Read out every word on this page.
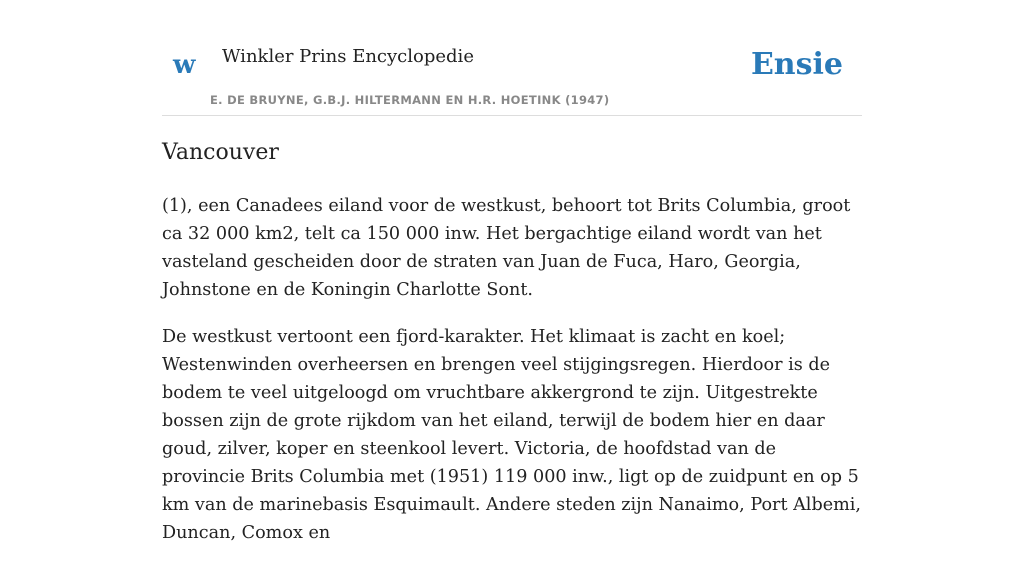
w Winkler Prins Encyclopedie
E. DE BRUYNE, G.B.J. HILTERMANN EN H.R. HOETINK (1947)
Ensie
Vancouver

(1), een Canadees eiland voor de westkust, behoort tot Brits Columbia, groot ca 32 000 km2, telt ca 150 000 inw. Het bergachtige eiland wordt van het vasteland gescheiden door de straten van Juan de Fuca, Haro, Georgia, Johnstone en de Koningin Charlotte Sont.

De westkust vertoont een fjord-karakter. Het klimaat is zacht en koel; Westenwinden overheersen en brengen veel stijgingsregen. Hierdoor is de bodem te veel uitgeloogd om vruchtbare akkergrond te zijn. Uitgestrekte bossen zijn de grote rijkdom van het eiland, terwijl de bodem hier en daar goud, zilver, koper en steenkool levert. Victoria, de hoofdstad van de provincie Brits Columbia met (1951) 119 000 inw., ligt op de zuidpunt en op 5 km van de marinebasis Esquimault. Andere steden zijn Nanaimo, Port Albemi, Duncan, Comox en
